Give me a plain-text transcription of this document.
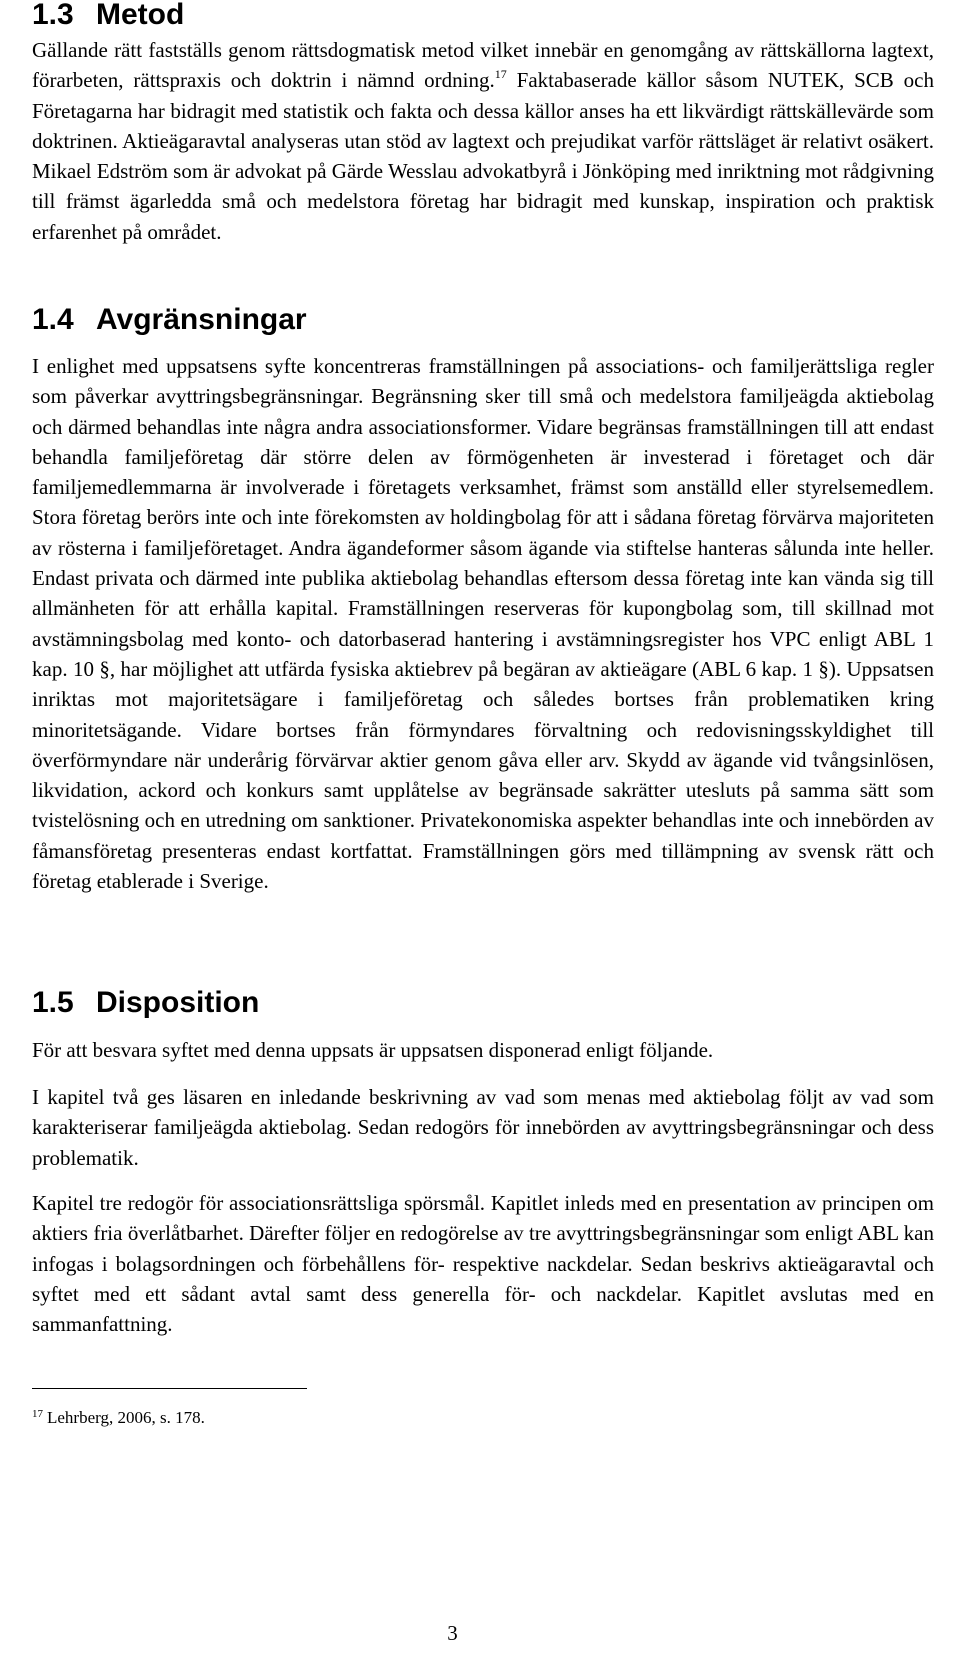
1.3 Metod

Gällande rätt fastställs genom rättsdogmatisk metod vilket innebär en genomgång av rättskällorna lagtext, förarbeten, rättspraxis och doktrin i nämnd ordning.$^{17}$ Faktabaserade källor såsom NUTEK, SCB och Företagarna har bidragit med statistik och fakta och dessa källor anses ha ett likvärdigt rättskällevärde som doktrinen. Aktieägaravtal analyseras utan stöd av lagtext och prejudikat varför rättsläget är relativt osäkert. Mikael Edström som är advokat på Gärde Wesslau advokatbyrå i Jönköping med inriktning mot rådgivning till främst ägarledda små och medelstora företag har bidragit med kunskap, inspiration och praktisk erfarenhet på området.

1.4 Avgränsningar

I enlighet med uppsatsens syfte koncentreras framställningen på associations- och familjerättsliga regler som påverkar avyttringsbegränsningar. Begränsning sker till små och medelstora familjeägda aktiebolag och därmed behandlas inte några andra associationsformer. Vidare begränsas framställningen till att endast behandla familjeföretag där större delen av förmögenheten är investerad i företaget och där familjemedlemmarna är involverade i företagets verksamhet, främst som anställd eller styrelsemedlem. Stora företag berörs inte och inte förekomsten av holdingbolag för att i sådana företag förvärva majoriteten av rösterna i familjeföretaget. Andra ägandeformer såsom ägande via stiftelse hanteras sålunda inte heller. Endast privata och därmed inte publika aktiebolag behandlas eftersom dessa företag inte kan vända sig till allmänheten för att erhålla kapital. Framställningen reserveras för kupongbolag som, till skillnad mot avstämningsbolag med konto- och datorbaserad hantering i avstämningsregister hos VPC enligt ABL 1 kap. 10 §, har möjlighet att utfärda fysiska aktiebrev på begäran av aktieägare (ABL 6 kap. 1 §). Uppsatsen inriktas mot majoritetsägare i familjeföretag och således bortses från problematiken kring minoritetsägande. Vidare bortses från förmyndares förvaltning och redovisningsskyldighet till överförmyndare när underårig förvärvar aktier genom gåva eller arv. Skydd av ägande vid tvångsinlösen, likvidation, ackord och konkurs samt upplåtelse av begränsade sakrätter utesluts på samma sätt som tvistelösning och en utredning om sanktioner. Privatekonomiska aspekter behandlas inte och innebörden av fåmansföretag presenteras endast kortfattat. Framställningen görs med tillämpning av svensk rätt och företag etablerade i Sverige.

1.5 Disposition

För att besvara syftet med denna uppsats är uppsatsen disponerad enligt följande.

I kapitel två ges läsaren en inledande beskrivning av vad som menas med aktiebolag följt av vad som karakteriserar familjeägda aktiebolag. Sedan redogörs för innebörden av avyttringsbegränsningar och dess problematik.

Kapitel tre redogör för associationsrättsliga spörsmål. Kapitlet inleds med en presentation av principen om aktiers fria överlåtbarhet. Därefter följer en redogörelse av tre avyttringsbegränsningar som enligt ABL kan infogas i bolagsordningen och förbehållens för- respektive nackdelar. Sedan beskrivs aktieägaravtal och syftet med ett sådant avtal samt dess generella för- och nackdelar. Kapitlet avslutas med en sammanfattning.

$^{17}$ Lehrberg, 2006, s. 178.
3
